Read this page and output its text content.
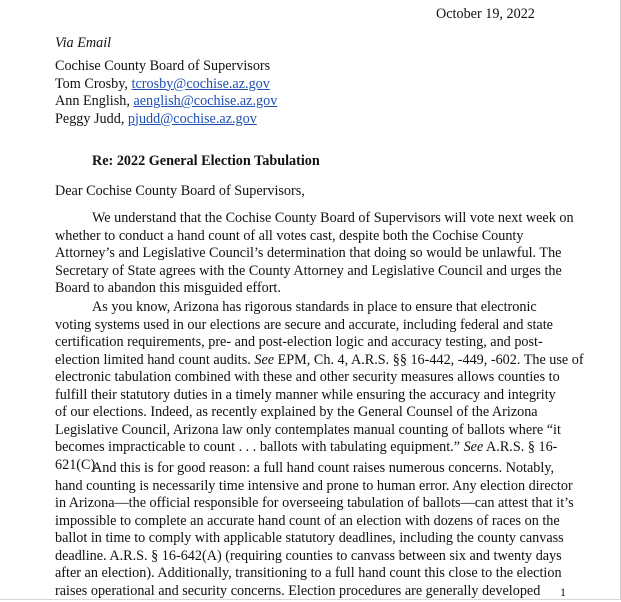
October 19, 2022
Via Email
Cochise County Board of Supervisors
Tom Crosby, tcrosby@cochise.az.gov
Ann English, aenglish@cochise.az.gov
Peggy Judd, pjudd@cochise.az.gov
Re: 2022 General Election Tabulation
Dear Cochise County Board of Supervisors,
We understand that the Cochise County Board of Supervisors will vote next week on
whether to conduct a hand count of all votes cast, despite both the Cochise County
Attorney’s and Legislative Council’s determination that doing so would be unlawful. The
Secretary of State agrees with the County Attorney and Legislative Council and urges the
Board to abandon this misguided effort.
As you know, Arizona has rigorous standards in place to ensure that electronic
voting systems used in our elections are secure and accurate, including federal and state
certification requirements, pre- and post-election logic and accuracy testing, and post-
election limited hand count audits. See EPM, Ch. 4, A.R.S. §§ 16-442, -449, -602. The use of
electronic tabulation combined with these and other security measures allows counties to
fulfill their statutory duties in a timely manner while ensuring the accuracy and integrity
of our elections. Indeed, as recently explained by the General Counsel of the Arizona
Legislative Council, Arizona law only contemplates manual counting of ballots where “it
becomes impracticable to count . . . ballots with tabulating equipment.” See A.R.S. § 16-
621(C).
And this is for good reason: a full hand count raises numerous concerns. Notably,
hand counting is necessarily time intensive and prone to human error. Any election director
in Arizona—the official responsible for overseeing tabulation of ballots—can attest that it’s
impossible to complete an accurate hand count of an election with dozens of races on the
ballot in time to comply with applicable statutory deadlines, including the county canvass
deadline. A.R.S. § 16-642(A) (requiring counties to canvass between six and twenty days
after an election). Additionally, transitioning to a full hand count this close to the election
raises operational and security concerns. Election procedures are generally developed	1
